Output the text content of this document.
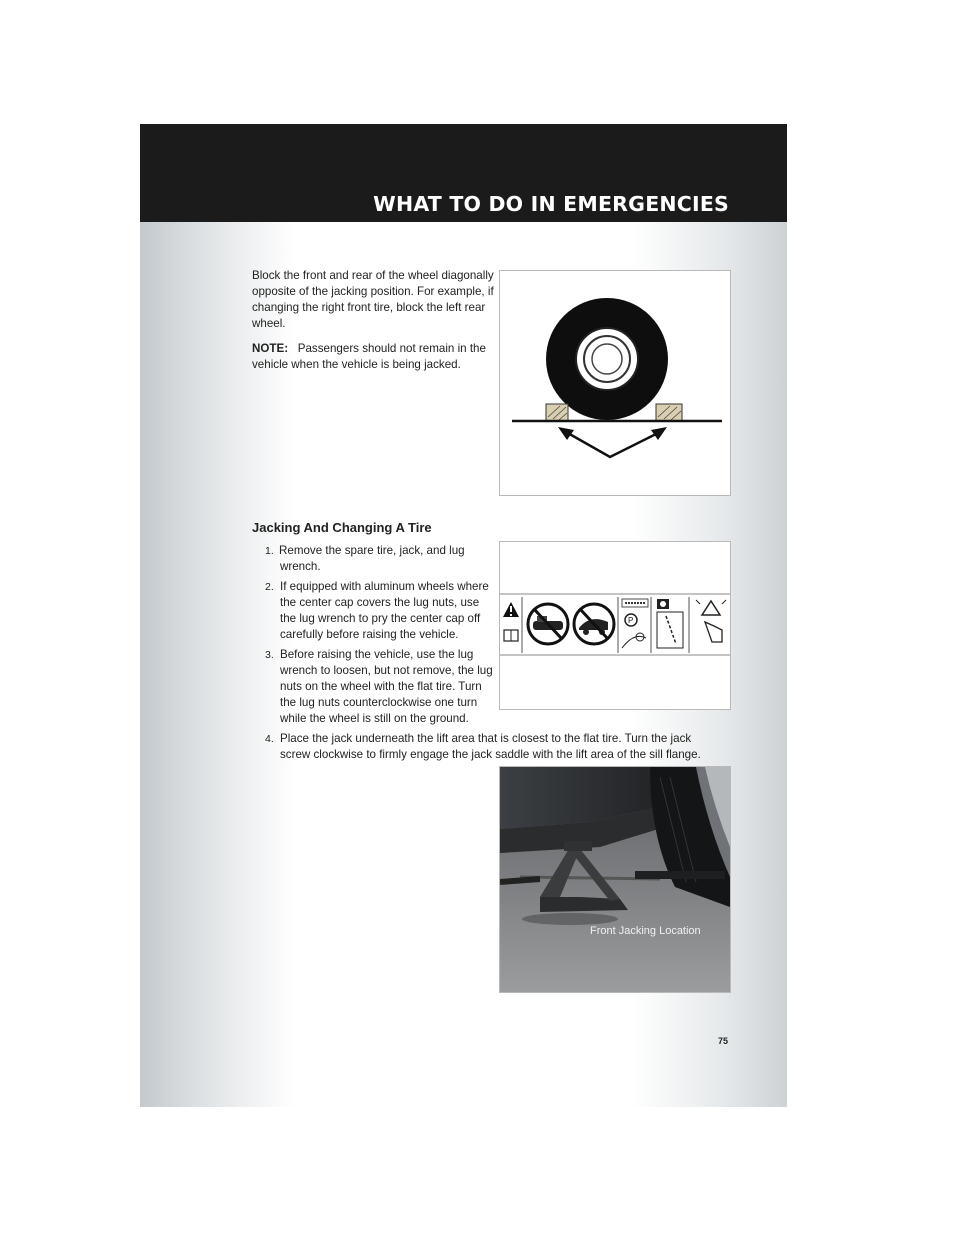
WHAT TO DO IN EMERGENCIES
Block the front and rear of the wheel diagonally opposite of the jacking position. For example, if changing the right front tire, block the left rear wheel.
NOTE: Passengers should not remain in the vehicle when the vehicle is being jacked.
Jacking And Changing A Tire
1. Remove the spare tire, jack, and lug wrench.
2. If equipped with aluminum wheels where the center cap covers the lug nuts, use the lug wrench to pry the center cap off carefully before raising the vehicle.
3. Before raising the vehicle, use the lug wrench to loosen, but not remove, the lug nuts on the wheel with the flat tire. Turn the lug nuts counterclockwise one turn while the wheel is still on the ground.
4. Place the jack underneath the lift area that is closest to the flat tire. Turn the jack screw clockwise to firmly engage the jack saddle with the lift area of the sill flange.
P
Front Jacking Location
75
